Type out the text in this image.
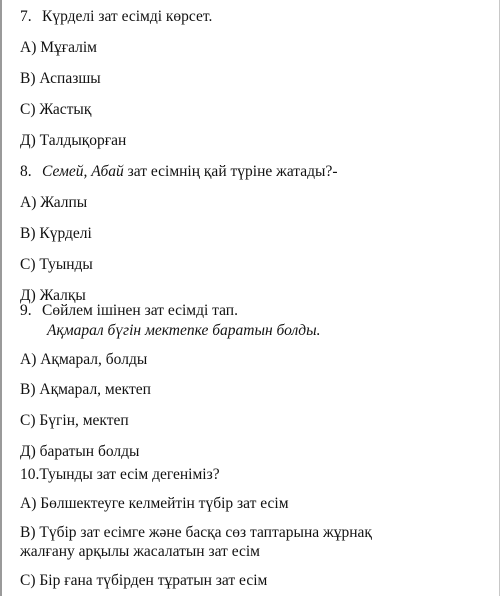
7. Күрделі зат есімді көрсет.
А) Мұғалім
В) Аспазшы
С) Жастық
Д) Талдықорған
8. Семей, Абай зат есімнің қай түріне жатады?-
А) Жалпы
В) Күрделі
С) Туынды
Д) Жалқы
9. Сөйлем ішінен зат есімді тап.
Ақмарал бүгін мектепке баратын болды.
А) Ақмарал, болды
В) Ақмарал, мектеп
С) Бүгін, мектеп
Д) баратын болды
10.Туынды зат есім дегеніміз?
А) Бөлшектеуге келмейтін түбір зат есім
В) Түбір зат есімге және басқа сөз таптарына жұрнақ
жалғану арқылы жасалатын зат есім
С) Бір ғана түбірден тұратын зат есім
